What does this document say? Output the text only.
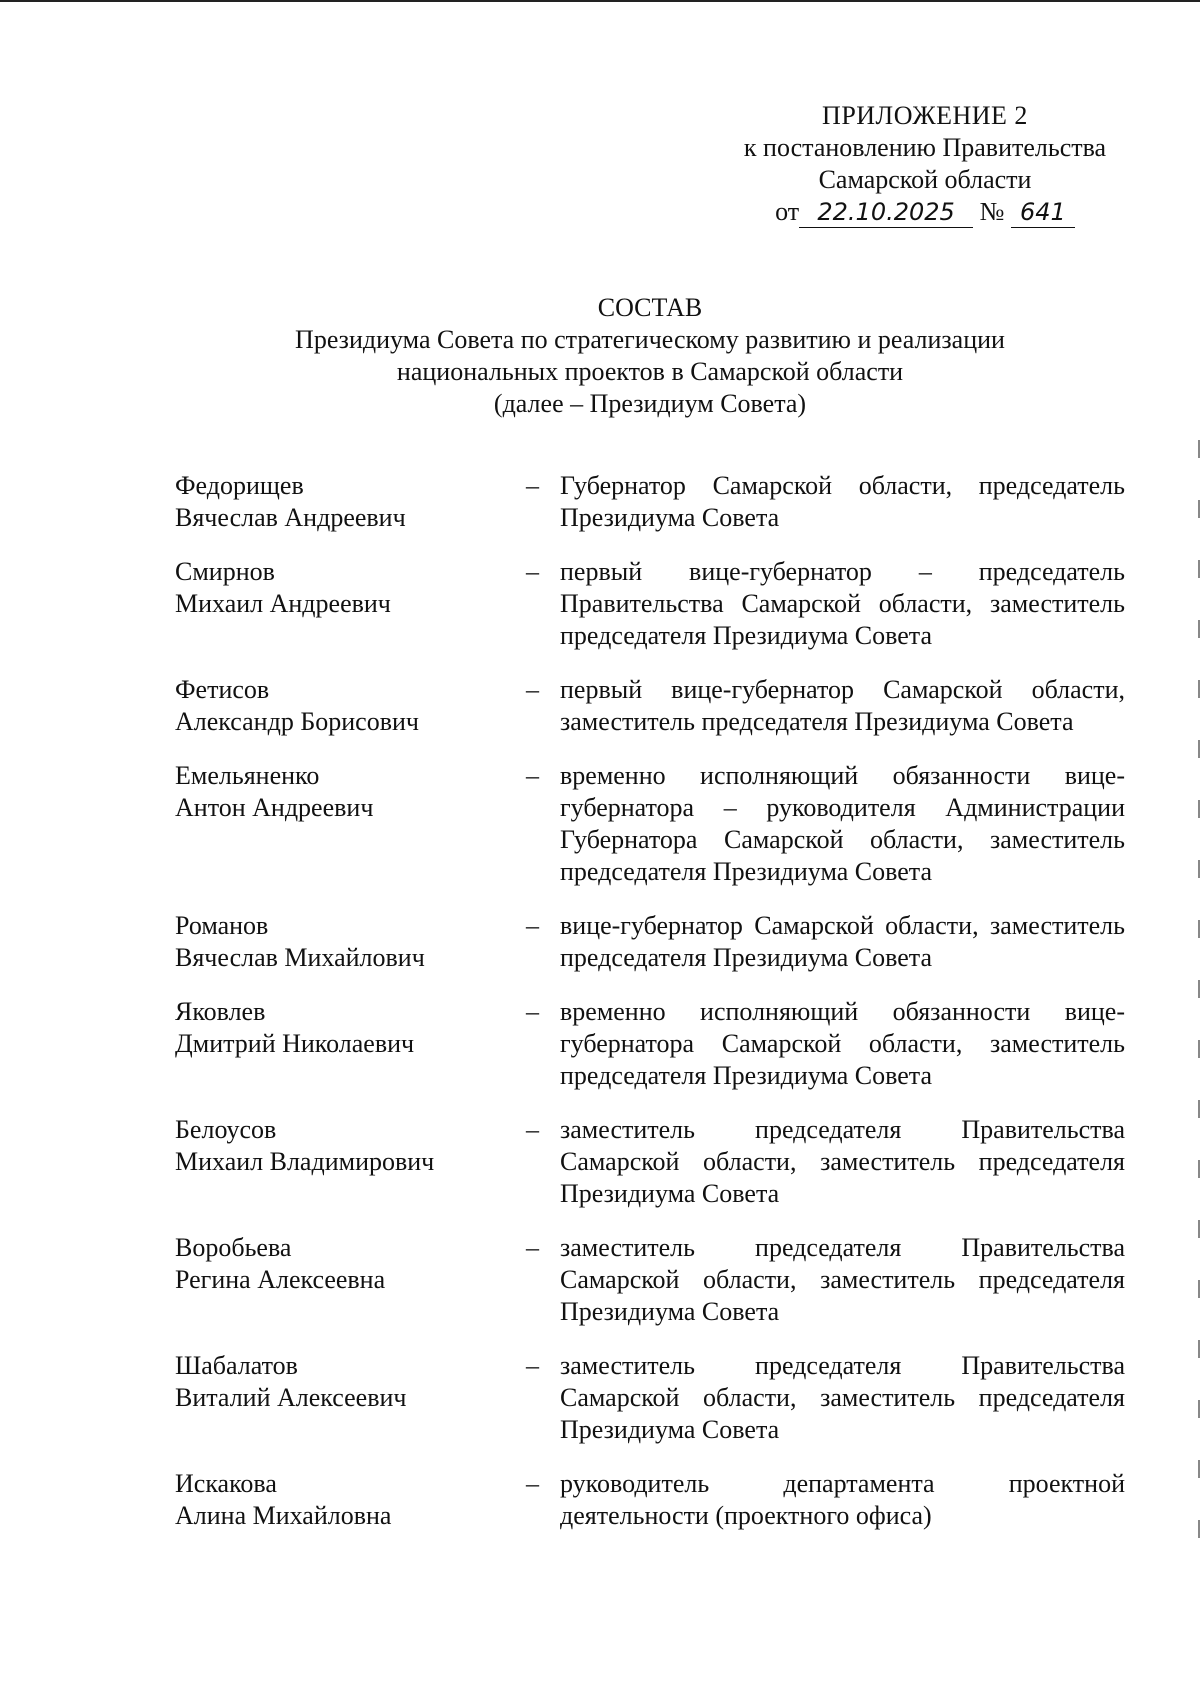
ПРИЛОЖЕНИЕ 2
к постановлению Правительства
Самарской области
от 22.10.2025 № 641
СОСТАВ
Президиума Совета по стратегическому развитию и реализации
национальных проектов в Самарской области
(далее – Президиум Совета)
Федорищев
Вячеслав Андреевич
– Губернатор Самарской области, председатель Президиума Совета
Смирнов
Михаил Андреевич
– первый вице-губернатор – председатель Правительства Самарской области, заместитель председателя Президиума Совета
Фетисов
Александр Борисович
– первый вице-губернатор Самарской области, заместитель председателя Президиума Совета
Емельяненко
Антон Андреевич
– временно исполняющий обязанности вице-губернатора – руководителя Администрации Губернатора Самарской области, заместитель председателя Президиума Совета
Романов
Вячеслав Михайлович
– вице-губернатор Самарской области, заместитель председателя Президиума Совета
Яковлев
Дмитрий Николаевич
– временно исполняющий обязанности вице-губернатора Самарской области, заместитель председателя Президиума Совета
Белоусов
Михаил Владимирович
– заместитель председателя Правительства Самарской области, заместитель председателя Президиума Совета
Воробьева
Регина Алексеевна
– заместитель председателя Правительства Самарской области, заместитель председателя Президиума Совета
Шабалатов
Виталий Алексеевич
– заместитель председателя Правительства Самарской области, заместитель председателя Президиума Совета
Искакова
Алина Михайловна
– руководитель департамента проектной деятельности (проектного офиса)
